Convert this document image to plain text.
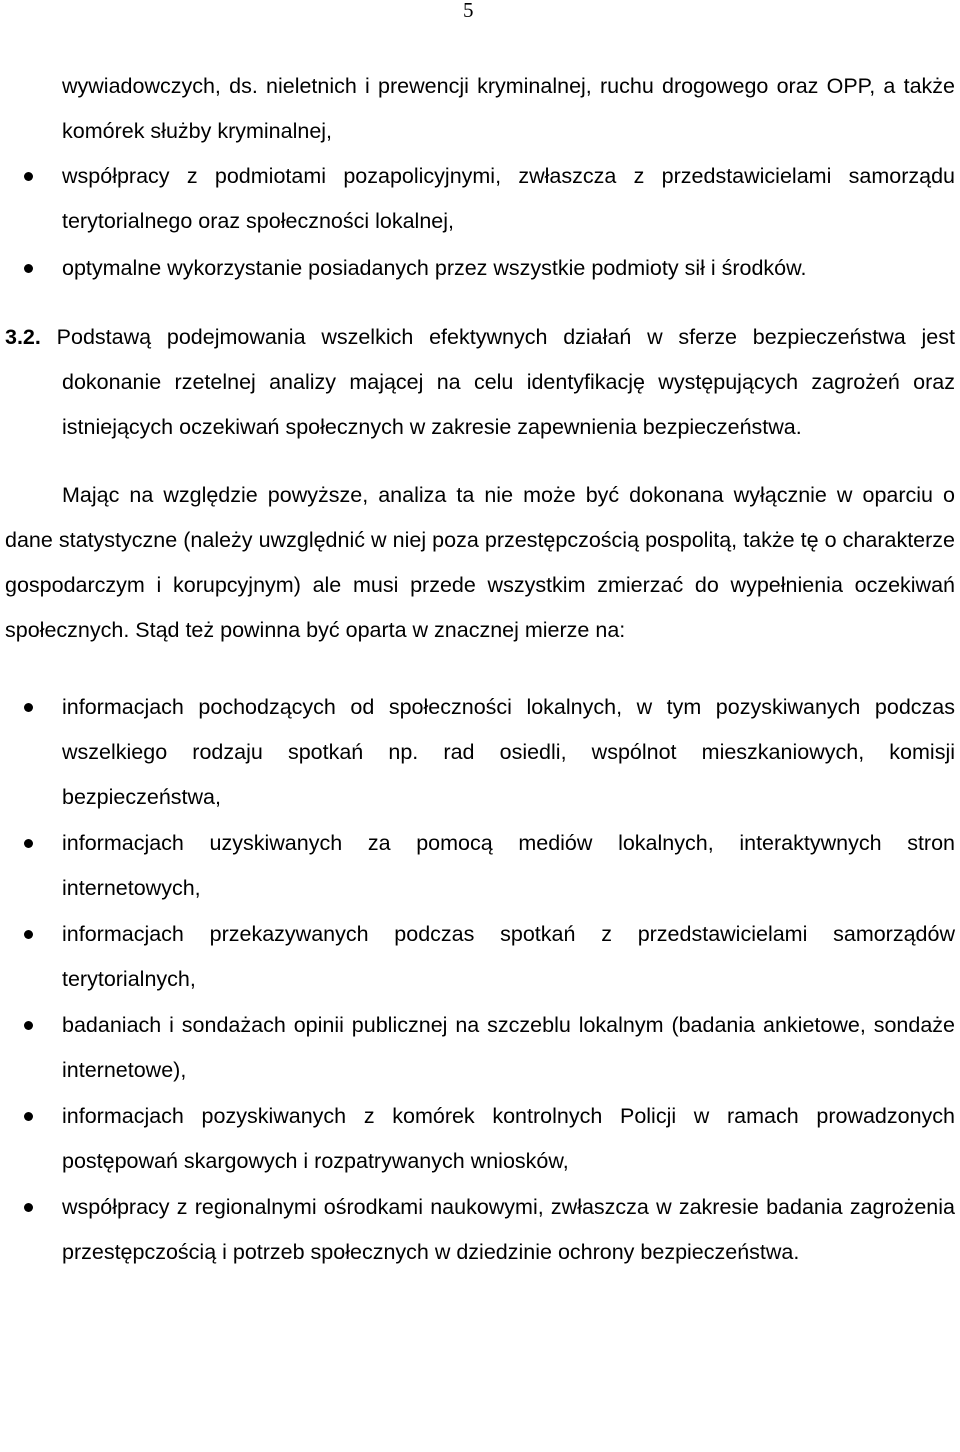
5
wywiadowczych, ds. nieletnich i prewencji kryminalnej, ruchu drogowego oraz OPP, a także komórek służby kryminalnej,
współpracy z podmiotami pozapolicyjnymi, zwłaszcza z przedstawicielami samorządu terytorialnego oraz społeczności lokalnej,
optymalne wykorzystanie posiadanych przez wszystkie podmioty sił i środków.
3.2. Podstawą podejmowania wszelkich efektywnych działań w sferze bezpieczeństwa jest dokonanie rzetelnej analizy mającej na celu identyfikację występujących zagrożeń oraz istniejących oczekiwań społecznych w zakresie zapewnienia bezpieczeństwa.
Mając na względzie powyższe, analiza ta nie może być dokonana wyłącznie w oparciu o dane statystyczne (należy uwzględnić w niej poza przestępczością pospolitą, także tę o charakterze gospodarczym i korupcyjnym) ale musi przede wszystkim zmierzać do wypełnienia oczekiwań społecznych. Stąd też powinna być oparta w znacznej mierze na:
informacjach pochodzących od społeczności lokalnych, w tym pozyskiwanych podczas wszelkiego rodzaju spotkań np. rad osiedli, wspólnot mieszkaniowych, komisji bezpieczeństwa,
informacjach uzyskiwanych za pomocą mediów lokalnych, interaktywnych stron internetowych,
informacjach przekazywanych podczas spotkań z przedstawicielami samorządów terytorialnych,
badaniach i sondażach opinii publicznej na szczeblu lokalnym (badania ankietowe, sondaże internetowe),
informacjach pozyskiwanych z komórek kontrolnych Policji w ramach prowadzonych postępowań skargowych i rozpatrywanych wniosków,
współpracy z regionalnymi ośrodkami naukowymi, zwłaszcza w zakresie badania zagrożenia przestępczością i potrzeb społecznych w dziedzinie ochrony bezpieczeństwa.
